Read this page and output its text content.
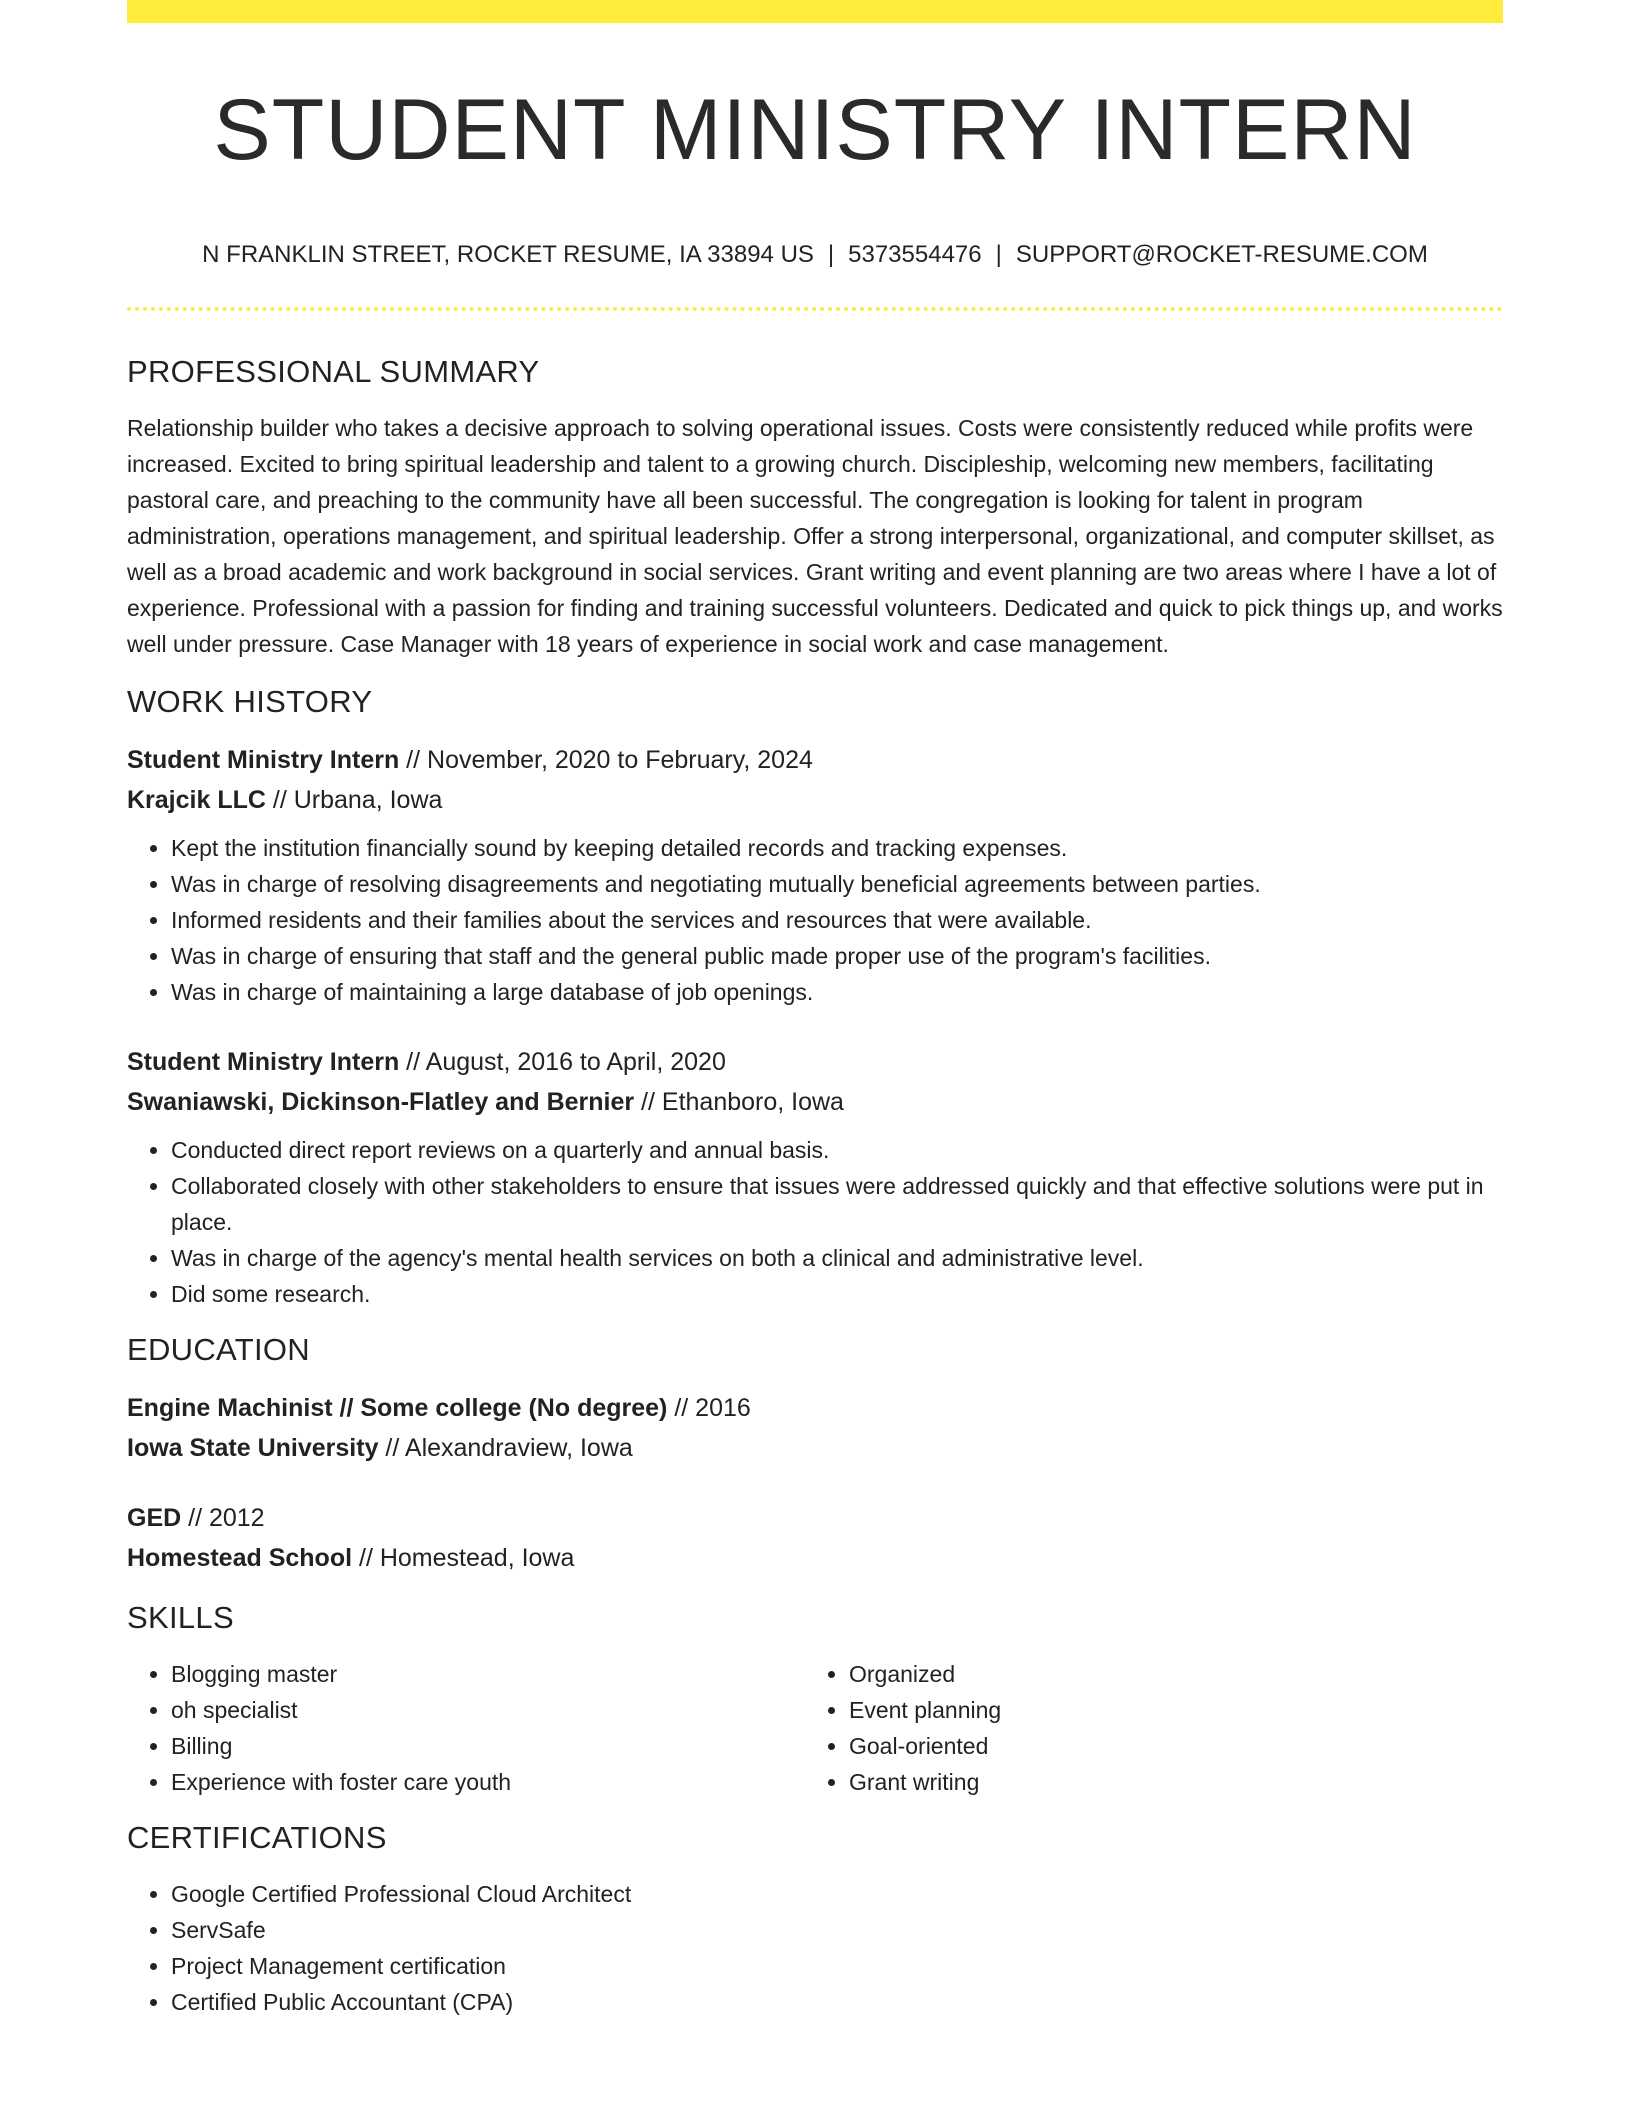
STUDENT MINISTRY INTERN
N FRANKLIN STREET, ROCKET RESUME, IA 33894 US | 5373554476 | SUPPORT@ROCKET-RESUME.COM
PROFESSIONAL SUMMARY

Relationship builder who takes a decisive approach to solving operational issues. Costs were consistently reduced while profits were increased. Excited to bring spiritual leadership and talent to a growing church. Discipleship, welcoming new members, facilitating pastoral care, and preaching to the community have all been successful. The congregation is looking for talent in program administration, operations management, and spiritual leadership. Offer a strong interpersonal, organizational, and computer skillset, as well as a broad academic and work background in social services. Grant writing and event planning are two areas where I have a lot of experience. Professional with a passion for finding and training successful volunteers. Dedicated and quick to pick things up, and works well under pressure. Case Manager with 18 years of experience in social work and case management.

WORK HISTORY
Student Ministry Intern // November, 2020 to February, 2024
Krajcik LLC // Urbana, Iowa
• Kept the institution financially sound by keeping detailed records and tracking expenses.
• Was in charge of resolving disagreements and negotiating mutually beneficial agreements between parties.
• Informed residents and their families about the services and resources that were available.
• Was in charge of ensuring that staff and the general public made proper use of the program's facilities.
• Was in charge of maintaining a large database of job openings.
Student Ministry Intern // August, 2016 to April, 2020
Swaniawski, Dickinson-Flatley and Bernier // Ethanboro, Iowa
• Conducted direct report reviews on a quarterly and annual basis.
• Collaborated closely with other stakeholders to ensure that issues were addressed quickly and that effective solutions were put in place.
• Was in charge of the agency's mental health services on both a clinical and administrative level.
• Did some research.
EDUCATION
Engine Machinist // Some college (No degree) // 2016
Iowa State University // Alexandraview, Iowa
GED // 2012
Homestead School // Homestead, Iowa
SKILLS
• Blogging master
• oh specialist
• Billing
• Experience with foster care youth
• Organized
• Event planning
• Goal-oriented
• Grant writing
CERTIFICATIONS
• Google Certified Professional Cloud Architect
• ServSafe
• Project Management certification
• Certified Public Accountant (CPA)
